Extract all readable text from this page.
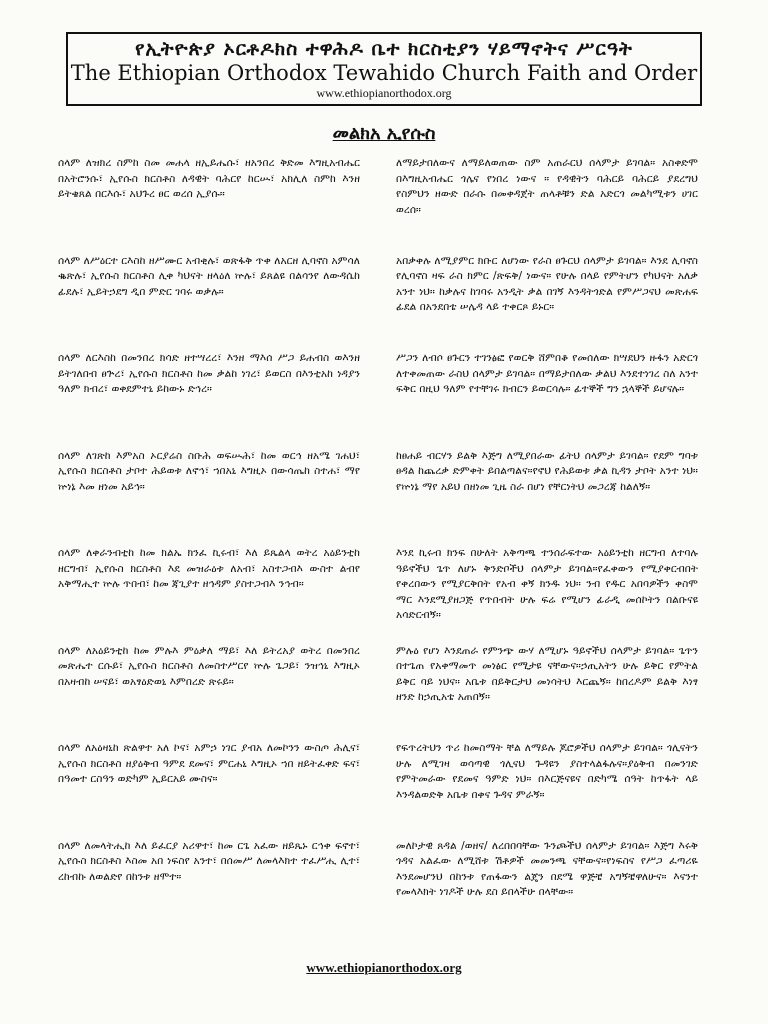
የኢትዮጵያ ኦርቶዶክስ ተዋሕዶ ቤተ ክርስቲያን ሃይማኖትና ሥርዓት
The Ethiopian Orthodox Tewahido Church Faith and Order
www.ethiopianorthodox.org
መልክአ ኢየሱስ
ሰላም ለዝክረ ስምከ ስመ መሐላ ዘኢይሔሱ፣ ዘአንበረ ቅድመ እግዚአብሔር በአትሮንሱ፣ ኢየሱስ ክርስቶስ ለዳዊት ባሕርየ ከርሡ፣ አክሊለ ስምከ እንዘ ይትቄጸል በርእሱ፣ አህጉረ ፀር ወረሰ ኢያሱ።
ለማይታበለውና ለማይለወጠው ስም አጠራርህ ሰላምታ ይገባል። አስቀድሞ በእግዚአብሔር ጎሌና የነበረ ነውና ። የዳዊትን ባሕርይ ባሕርይ ያደረግህ የስምህን ዘውድ በራሱ በመቀዳጀት ጠላቶቹን ድል አድርጎ መልካሚቱን ሀገር ወረሰ።
ሰላም ለሥዕርተ ርእስከ ዘሥሙር አብቂሉ፣ ወጽፋቅ ጥቀ ለአርዘ ሊባኖስ አምሳለ ቈጽሉ፣ ኢየሱስ ክርስቶስ ሊቀ ካህናት ዘላዕለ ኵሉ፣ ይጸልዩ በልሳንየ ለውዳሴከ ፊደሉ፣ ኢይትኃደግ ዲበ ምድር ገባሩ ወቃሉ።
አበቃቀሉ ለሚያምር ክቡር ለሆነው የራስ ፀጉርህ ሰላምታ ይገባል። እንደ ሊባኖስ የሊባኖስ ዛፍ ራስ ክምር /ጽፍቅ/ ነውና። የሁሉ በላይ የምትሆን የካህናት አለቃ አንተ ነህ። ከቃሉና ከገባሩ አንዲት ቃል በገኝ እንዳትጎድል የምሥጋናህ መጽሐፍ ፊደል በአንደበቴ ሠሌዳ ላይ ተቀርጾ ይኑር።
ሰላም ለርእስከ በመንበረ ክሳድ ዘተሣረረ፣ እንዘ ማእሰ ሥጋ ይሐብስ ወእንዘ ይትገለበብ ፀጕረ፣ ኢየሱስ ክርስቶስ ከመ ቃልከ ነገረ፣ ይወርስ በእንቲአከ ነዳያን ዓለም ክብረ፣ ወቀደምተኒ ይከውኑ ድኅረ።
ሥጋን ለብሶ ፀጉርን ተገንፅፎ የወርቅ ሸምበቆ የመሰለው ክሣደህን ዙፋን አድርጎ ለተቀመጠው ራስህ ሰላምታ ይገባል። በማይታበለው ቃልህ እንደተነገረ ስለ አንተ ፍቅር በዚህ ዓለም የተቸገሩ ክብርን ይወርሳሉ። ፊተኞች ግን ኋላኞች ይሆናሉ።
ሰላም ለገጽከ እምአስ ኦርያሬስ ስቡሕ ወፍሡሕ፣ ከመ ወርኅ ዘአሜ ገሐህ፣ ኢየሱስ ክርስቶስ ታቦተ ሕይወቱ ለኖኅ፣ ኀበአኒ እግዚኦ በውሳጤከ ስተሐ፣ ማየ ኵነኔ እመ ዘነመ አይኅ።
ከፀሐይ ብርሃን ይልቅ እጅግ ለሚያበራው ፊትህ ሰላምታ ይገባል። የደም ግባቱ ፀዳል ከጨረቃ ድምቀት ይበልጣልና።የኖህ የሕይወቱ ቃል ኪዳን ታቦት አንተ ነህ። የኵነኔ ማየ አይህ በዘነመ ጊዜ ስራ በሆነ የቸርነትህ መጋረጃ ከልለኝ።
ሰላም ለቀራንብቲከ ከመ ክልኤ ክንፈ ኪሩብ፣ እለ ይጼልላ ወትረ አዕይንቲከ ዘርግብ፣ ኢየሱስ ክርስቶስ እደ መዝራዕቱ ለአብ፣ አስተጋብእ ውስተ ልብየ አቅማሒተ ኵሉ ጥበብ፣ ከመ ጃጊያተ ዘኅዳም ያስተጋብእ ንኅብ።
እንደ ኪሩብ ክንፍ በሁለት አቅጣጫ ተንሰራፍተው አዕይንቲከ ዘርግብ ለተባሉ ዓይኖችህ ጌጥ ለሆኑ ቅንድቦችህ ሰላምታ ይገባል።የፈቀውን የሚያቀርብበት የቀረበውን የሚያርቅበት የአብ ቀኝ ክንዱ ነህ። ንብ የዱር አበባዎችን ቀስሞ ማር እንደሚያዘጋጅ የጥበብት ሁሉ ፍሬ የሚሆን ፊራዲ መሰኮትን በልቡናዩ አሳድርብኝ።
ሰላም ለአዕይንቲከ ከመ ምሉእ ምዕቃለ ማይ፣ እለ ይትረአያ ወትረ በመንበረ መጽሔተ ርሱይ፣ ኢየሱስ ክርስቶስ ለመስተሥርየ ኵሉ ጌጋይ፣ ንዝኅኒ እግዚኦ በአዛብከ ሠናይ፣ ወአፃዕድወኒ እምበረድ ጽሩይ።
ምሉዕ የሆነ እንደጠራ የምንጭ ውሃ ለሚሆኑ ዓይኖችህ ሰላምታ ይገባል። ጌጥን በተጌጠ የአቀማመጥ መነፅር የሚታዩ ናቸውና።ኃጢአትን ሁሉ ይቅር የምትል ይቅር ባይ ነህና። አቤቱ በይቅርታህ መነሳትህ እርጨኝ። ከበረዶም ይልቅ እነፃ ዘንድ ከኃጢአቴ አጠበኝ።
ሰላም ለአዕዛኒከ ጽልዋተ አለ ኮና፣ አምኃ ነገር ያብአ ለመኮንን ውስጦ ሕሊና፣ ኢየሱስ ክርስቶስ ዘያዕቅብ ዓምደ ደመና፣ ምርሐኒ እግዚኦ ኀበ ዘይትፈቀድ ፍና፣ በዓመተ ርስዓን ወድካም ኢይርአይ ሙስና።
የፍጥረትህን ጥሪ ከመስማት ቸል ለማይሉ ጆሮዎችህ ሰላምታ ይገባል። ጎሊናትን ሁሉ ለሚገዛ ወሳጣዊ ጎሊናህ ጉዳዩን ያስተላልፋሉና።ያዕቅብ በመንገድ የምትመራው የደመና ዓምድ ነህ። በእርጅናዩና በድካሜ ሰዓት ከጥፋት ላይ እንዳልወድቅ አቤቱ በቀና ጉዳና ምራኝ።
ሰላም ለመላትሒከ እለ ይፈርያ አሪዋተ፣ ከመ ርጌ አፈው ዘይጼኑ ርኅቀ ፍኖተ፣ ኢየሱስ ክርስቶስ እስመ አበ ነፍስየ አንተ፣ በሰመሥ ለመላእክተ ተፈሥሒ ሊተ፣ ረከብኩ ለወልድየ በከንቱ ዘሞተ።
መለኮታዊ ጸዳል /ወዘና/ ለረበበባቸው ጉንጮችህ ሰላምታ ይገባል። እጅግ እሩቅ ጎዳና አልፈው ለሚሸቱ ሽቶዎች መመንጫ ናቸውና።የነፍስና የሥጋ ፈጣሪዬ እንደመሆንህ በከንቱ የጠፋውን ልጄን በደሜ ዋጅቼ አግኝቼዋለሁና። እናንተ የመላእክት ነገዶች ሁሉ ደስ ይበላችሁ በላቸው።
www.ethiopianorthodox.org
